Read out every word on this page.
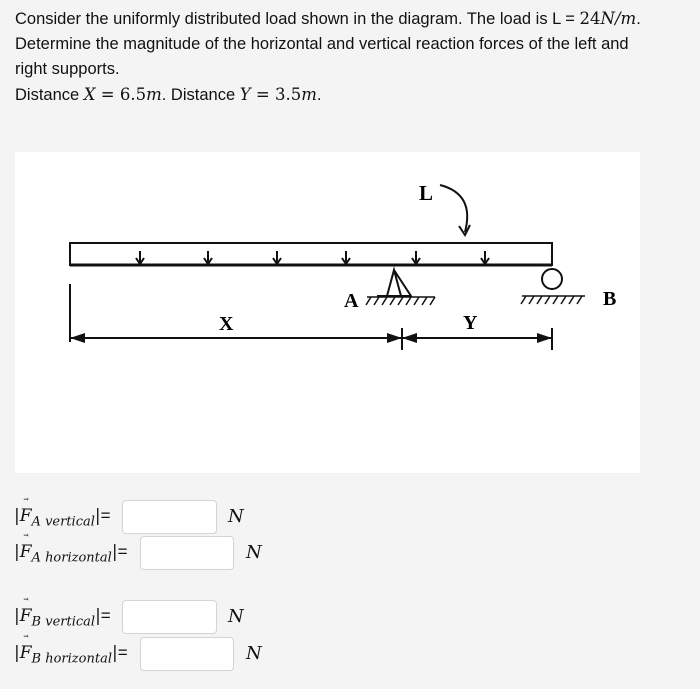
Consider the uniformly distributed load shown in the diagram. The load is L = 24N/m.

Determine the magnitude of the horizontal and vertical reaction forces of the left and

right supports.

Distance X = 6.5m. Distance Y = 3.5m.

L
A	B
X	Y
|→ $F_{A vertical}|=$	N
|→ $F_{A horizontal}|=$	N
|→ $F_{B vertical}|=$	N
|→ $F_{B horizontal}|=$	N
